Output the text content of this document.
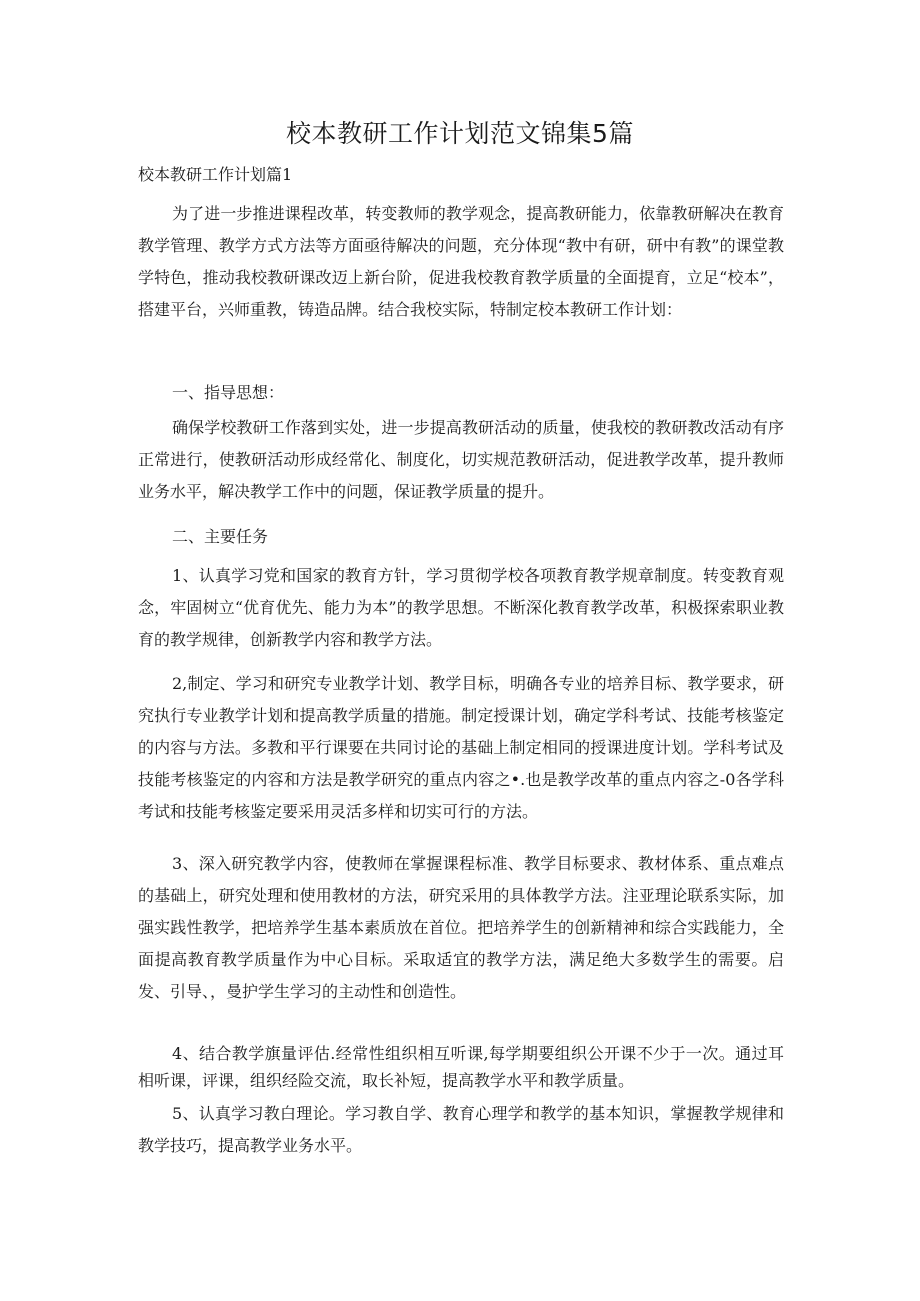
校本教研工作计划范文锦集5篇
校本教研工作计划篇1

为了进一步推进课程改革，转变教师的教学观念，提高教研能力，依靠教研解决在教育教学管理、教学方式方法等方面亟待解决的问题，充分体现“教中有研，研中有教”的课堂教学特色，推动我校教研课改迈上新台阶，促进我校教育教学质量的全面提育，立足“校本”，搭建平台，兴师重教，铸造品牌。结合我校实际，特制定校本教研工作计划：

一、指导思想：

确保学校教研工作落到实处，进一步提高教研活动的质量，使我校的教研教改活动有序正常进行，使教研活动形成经常化、制度化，切实规范教研活动，促进教学改革，提升教师业务水平，解决教学工作中的问题，保证教学质量的提升。

二、主要任务

1、认真学习党和国家的教育方针，学习贯彻学校各项教育教学规章制度。转变教育观念，牢固树立“优育优先、能力为本”的教学思想。不断深化教育教学改革，积极探索职业教育的教学规律，创新教学内容和教学方法。

2,制定、学习和研究专业教学计划、教学目标，明确各专业的培养目标、教学要求，研究执行专业教学计划和提高教学质量的措施。制定授课计划，确定学科考试、技能考核鉴定的内容与方法。多教和平行课要在共同讨论的基础上制定相同的授课进度计划。学科考试及技能考核鉴定的内容和方法是教学研究的重点内容之•.也是教学改革的重点内容之-0各学科考试和技能考核鉴定要采用灵活多样和切实可行的方法。

3、深入研究教学内容，使教师在掌握课程标准、教学目标要求、教材体系、重点难点的基础上，研究处理和使用教材的方法，研究采用的具体教学方法。注亚理论联系实际，加强实践性教学，把培养学生基本素质放在首位。把培养学生的创新精神和综合实践能力，全面提高教育教学质量作为中心目标。采取适宜的教学方法，满足绝大多数学生的需要。启发、引导、，曼护学生学习的主动性和创造性。

4、结合教学旗量评估.经常性组织相互听课,每学期要组织公开课不少于一次。通过耳相听课，评课，组织经险交流，取长补短，提高教学水平和教学质量。

5、认真学习教白理论。学习教自学、教育心理学和教学的基本知识，掌握教学规律和教学技巧，提高教学业务水平。
